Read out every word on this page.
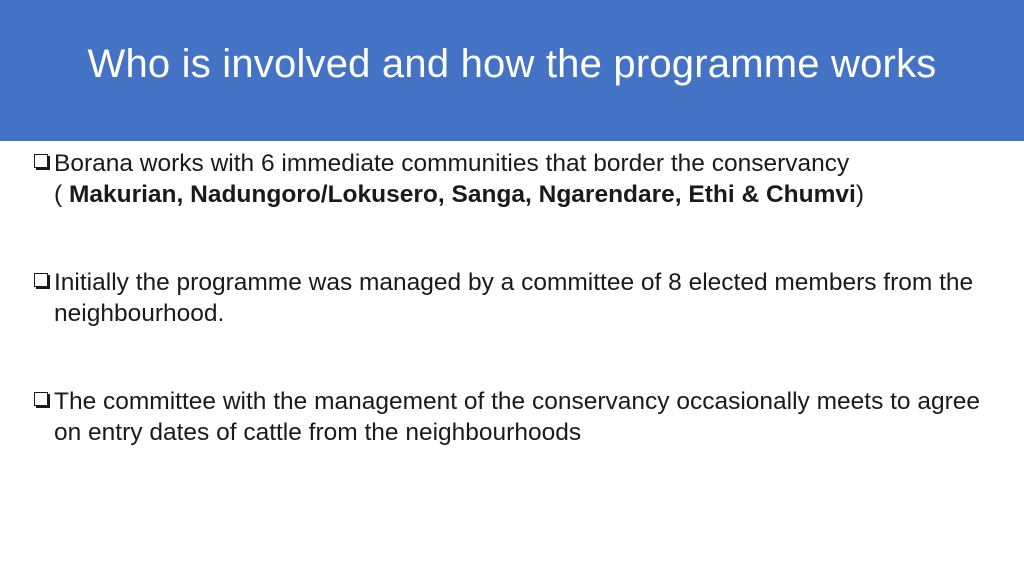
Who is involved and how the programme works
Borana works with 6 immediate communities that border the conservancy
( Makurian, Nadungoro/Lokusero, Sanga, Ngarendare, Ethi & Chumvi)
Initially the programme was managed by a committee of 8 elected members from the neighbourhood.
The committee with the management of the conservancy occasionally meets to agree on entry dates of cattle from the neighbourhoods
